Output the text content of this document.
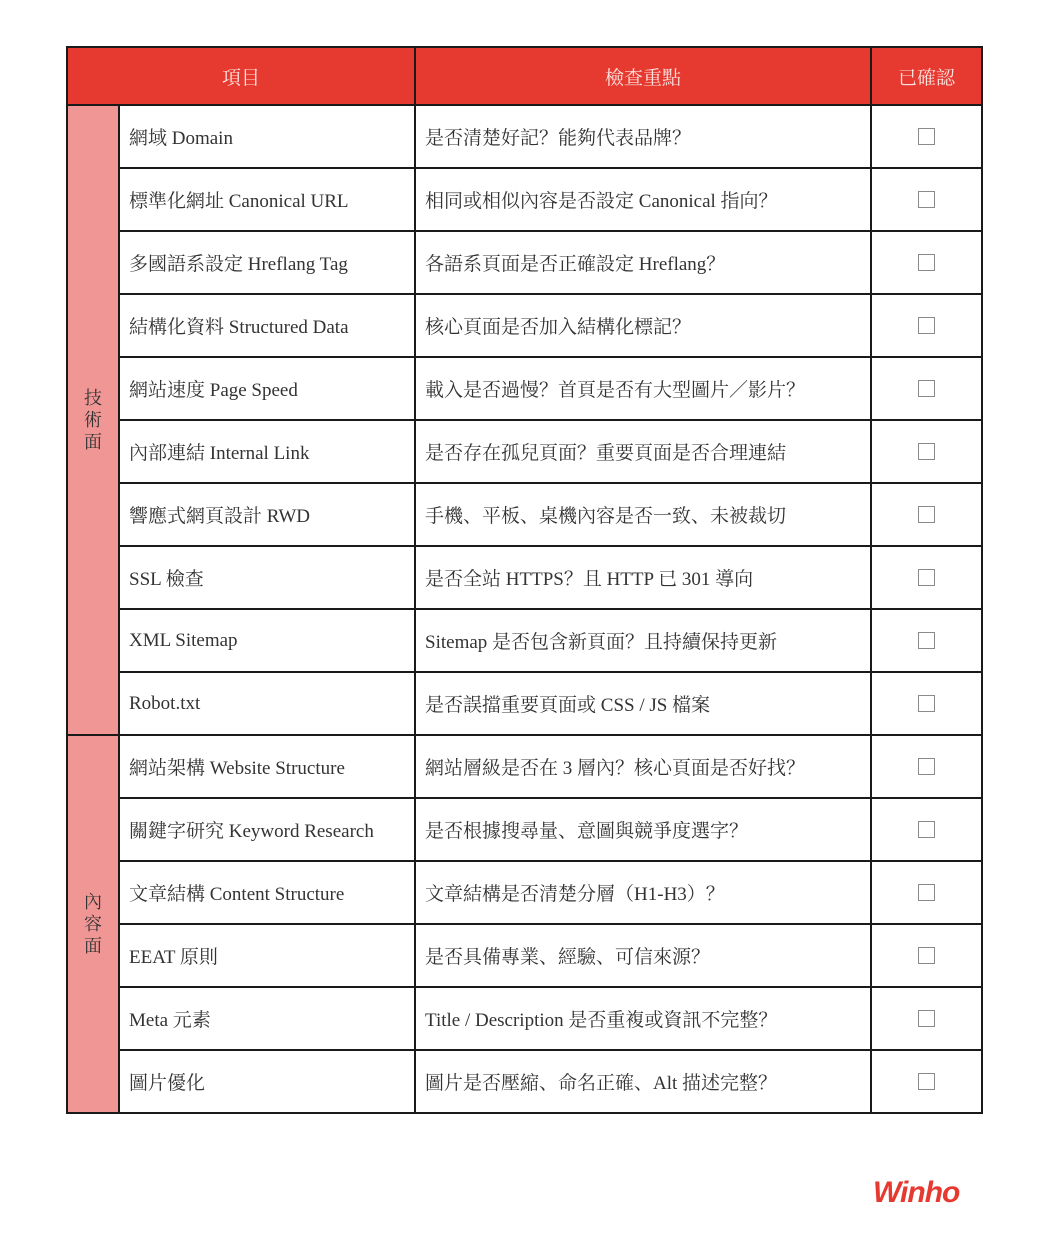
項目		檢查重點	已確認

技
術
面	網域 Domain	是否清楚好記？能夠代表品牌？	
	標準化網址 Canonical URL	相同或相似內容是否設定 Canonical 指向？	
	多國語系設定 Hreflang Tag	各語系頁面是否正確設定 Hreflang？	
	結構化資料 Structured Data	核心頁面是否加入結構化標記？	
	網站速度 Page Speed	載入是否過慢？首頁是否有大型圖片／影片？	
	內部連結 Internal Link	是否存在孤兒頁面？重要頁面是否合理連結	
	響應式網頁設計 RWD	手機、平板、桌機內容是否一致、未被裁切	
	SSL 檢查	是否全站 HTTPS？且 HTTP 已 301 導向	
	XML Sitemap	Sitemap 是否包含新頁面？且持續保持更新	
	Robot.txt	是否誤擋重要頁面或 CSS / JS 檔案	

內
容
面	網站架構 Website Structure	網站層級是否在 3 層內？核心頁面是否好找？	
	關鍵字研究 Keyword Research	是否根據搜尋量、意圖與競爭度選字？	
	文章結構 Content Structure	文章結構是否清楚分層（H1-H3）？	
	EEAT 原則	是否具備專業、經驗、可信來源？	
	Meta 元素	Title / Description 是否重複或資訊不完整？	
	圖片優化	圖片是否壓縮、命名正確、Alt 描述完整？	
Winho
